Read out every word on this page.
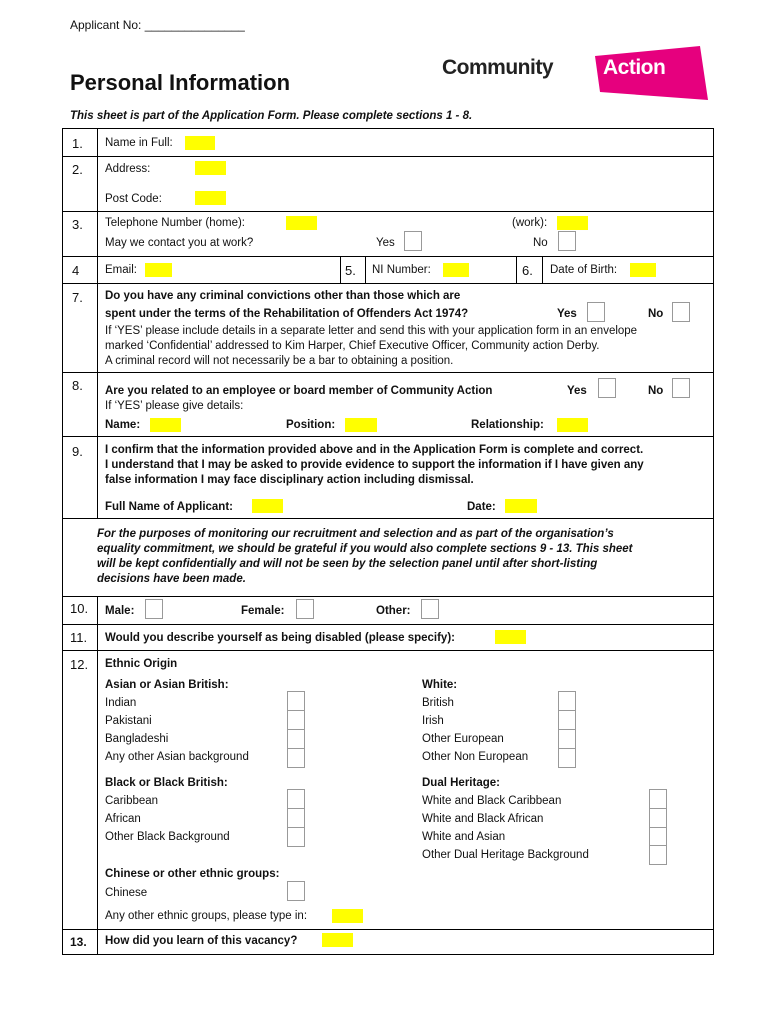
Applicant No: _______________
Community Action
Personal Information
This sheet is part of the Application Form. Please complete sections 1 - 8.
1. Name in Full:
2. Address:
Post Code:
3. Telephone Number (home):	(work):
May we contact you at work?	Yes	No
4 Email:	5. NI Number:	6. Date of Birth:
7. Do you have any criminal convictions other than those which are
spent under the terms of the Rehabilitation of Offenders Act 1974?	Yes	No
If ‘YES’ please include details in a separate letter and send this with your application form in an envelope
marked ‘Confidential’ addressed to Kim Harper, Chief Executive Officer, Community action Derby.
A criminal record will not necessarily be a bar to obtaining a position.
8. Are you related to an employee or board member of Community Action	Yes	No
If ‘YES’ please give details:
Name:	Position:	Relationship:
9. I confirm that the information provided above and in the Application Form is complete and correct.
I understand that I may be asked to provide evidence to support the information if I have given any
false information I may face disciplinary action including dismissal.
Full Name of Applicant:	Date:
For the purposes of monitoring our recruitment and selection and as part of the organisation’s
equality commitment, we should be grateful if you would also complete sections 9 - 13. This sheet
will be kept confidentially and will not be seen by the selection panel until after short-listing
decisions have been made.
10. Male:	Female:	Other:
11. Would you describe yourself as being disabled (please specify):
12. Ethnic Origin
Asian or Asian British:
Indian
Pakistani
Bangladeshi
Any other Asian background
White:
British
Irish
Other European
Other Non European
Black or Black British:
Caribbean
African
Other Black Background
Dual Heritage:
White and Black Caribbean
White and Black African
White and Asian
Other Dual Heritage Background
Chinese or other ethnic groups:
Chinese
Any other ethnic groups, please type in:
13. How did you learn of this vacancy?
